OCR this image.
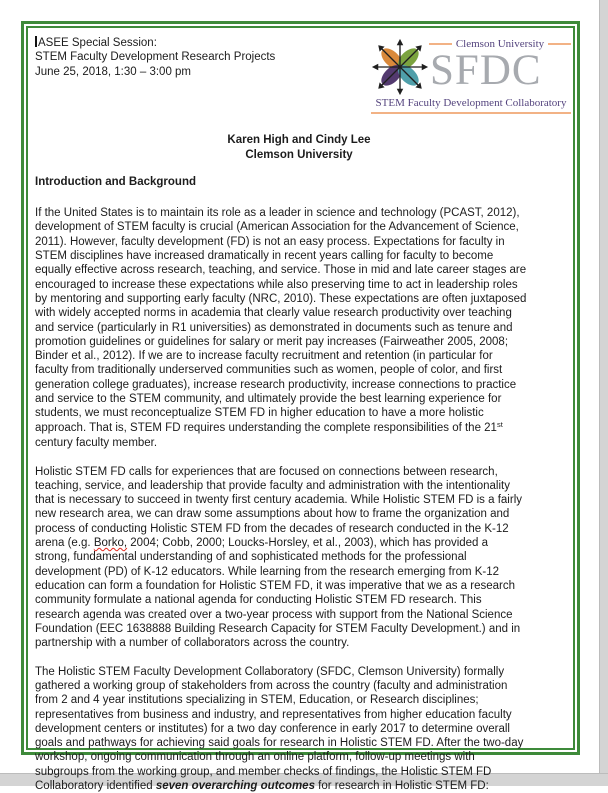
ASEE Special Session:
STEM Faculty Development Research Projects
June 25, 2018, 1:30 – 3:00 pm
Clemson University
SFDC
STEM Faculty Development Collaboratory
Karen High and Cindy Lee
Clemson University
Introduction and Background
If the United States is to maintain its role as a leader in science and technology (PCAST, 2012),
development of STEM faculty is crucial (American Association for the Advancement of Science,
2011). However, faculty development (FD) is not an easy process. Expectations for faculty in
STEM disciplines have increased dramatically in recent years calling for faculty to become
equally effective across research, teaching, and service. Those in mid and late career stages are
encouraged to increase these expectations while also preserving time to act in leadership roles
by mentoring and supporting early faculty (NRC, 2010). These expectations are often juxtaposed
with widely accepted norms in academia that clearly value research productivity over teaching
and service (particularly in R1 universities) as demonstrated in documents such as tenure and
promotion guidelines or guidelines for salary or merit pay increases (Fairweather 2005, 2008;
Binder et al., 2012). If we are to increase faculty recruitment and retention (in particular for
faculty from traditionally underserved communities such as women, people of color, and first
generation college graduates), increase research productivity, increase connections to practice
and service to the STEM community, and ultimately provide the best learning experience for
students, we must reconceptualize STEM FD in higher education to have a more holistic
approach. That is, STEM FD requires understanding the complete responsibilities of the 21st
century faculty member.
Holistic STEM FD calls for experiences that are focused on connections between research,
teaching, service, and leadership that provide faculty and administration with the intentionality
that is necessary to succeed in twenty first century academia. While Holistic STEM FD is a fairly
new research area, we can draw some assumptions about how to frame the organization and
process of conducting Holistic STEM FD from the decades of research conducted in the K-12
arena (e.g. Borko, 2004; Cobb, 2000; Loucks-Horsley, et al., 2003), which has provided a
strong, fundamental understanding of and sophisticated methods for the professional
development (PD) of K-12 educators. While learning from the research emerging from K-12
education can form a foundation for Holistic STEM FD, it was imperative that we as a research
community formulate a national agenda for conducting Holistic STEM FD research. This
research agenda was created over a two-year process with support from the National Science
Foundation (EEC 1638888 Building Research Capacity for STEM Faculty Development.) and in
partnership with a number of collaborators across the country.
The Holistic STEM Faculty Development Collaboratory (SFDC, Clemson University) formally
gathered a working group of stakeholders from across the country (faculty and administration
from 2 and 4 year institutions specializing in STEM, Education, or Research disciplines;
representatives from business and industry, and representatives from higher education faculty
development centers or institutes) for a two day conference in early 2017 to determine overall
goals and pathways for achieving said goals for research in Holistic STEM FD. After the two-day
workshop, ongoing communication through an online platform, follow-up meetings with
subgroups from the working group, and member checks of findings, the Holistic STEM FD
Collaboratory identified seven overarching outcomes for research in Holistic STEM FD:
